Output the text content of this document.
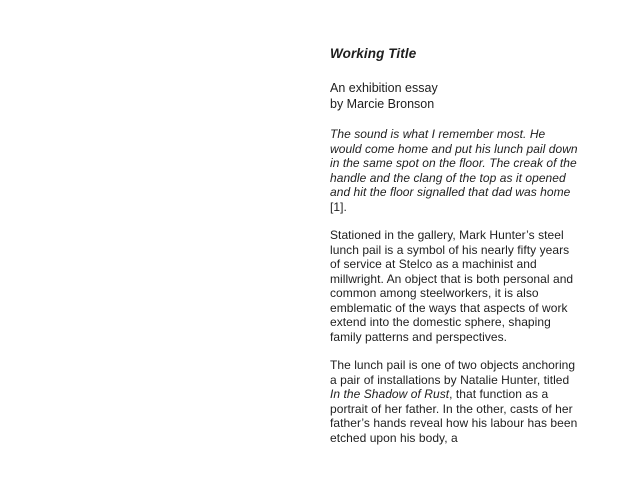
Working Title

An exhibition essay
by Marcie Bronson

The sound is what I remember most. He would come home and put his lunch pail down in the same spot on the floor. The creak of the handle and the clang of the top as it opened and hit the floor signalled that dad was home [1].

Stationed in the gallery, Mark Hunter’s steel lunch pail is a symbol of his nearly fifty years of service at Stelco as a machinist and millwright. An object that is both personal and common among steelworkers, it is also emblematic of the ways that aspects of work extend into the domestic sphere, shaping family patterns and perspectives.

The lunch pail is one of two objects anchoring a pair of installations by Natalie Hunter, titled In the Shadow of Rust, that function as a portrait of her father. In the other, casts of her father’s hands reveal how his labour has been etched upon his body, a
